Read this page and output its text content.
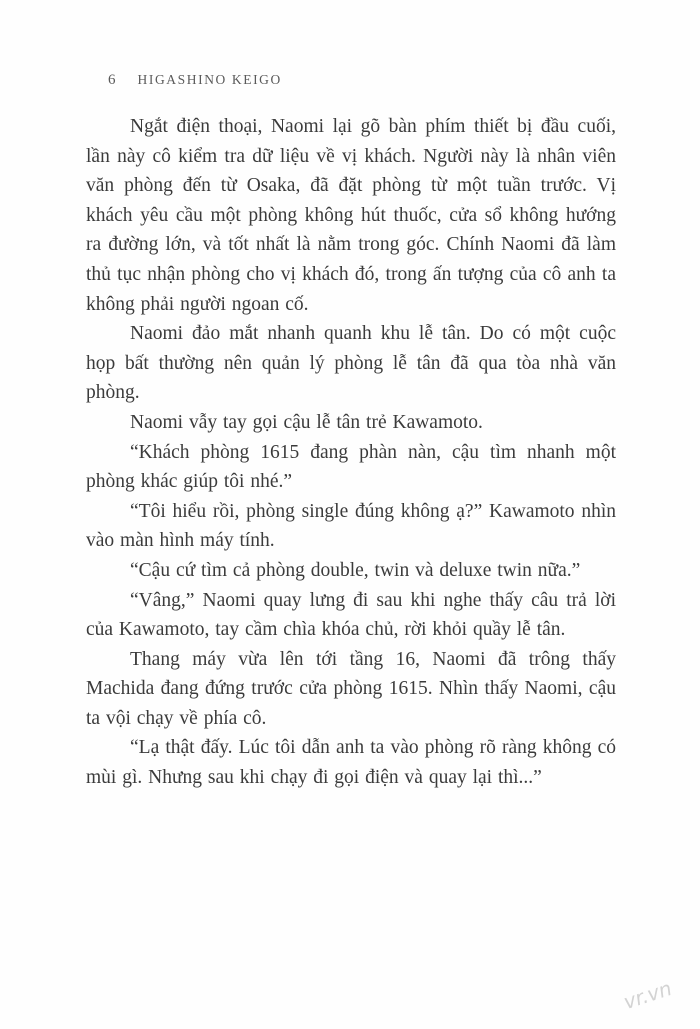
6 HIGASHINO KEIGO

Ngắt điện thoại, Naomi lại gõ bàn phím thiết bị đầu cuối, lần này cô kiểm tra dữ liệu về vị khách. Người này là nhân viên văn phòng đến từ Osaka, đã đặt phòng từ một tuần trước. Vị khách yêu cầu một phòng không hút thuốc, cửa sổ không hướng ra đường lớn, và tốt nhất là nằm trong góc. Chính Naomi đã làm thủ tục nhận phòng cho vị khách đó, trong ấn tượng của cô anh ta không phải người ngoan cố.

Naomi đảo mắt nhanh quanh khu lễ tân. Do có một cuộc họp bất thường nên quản lý phòng lễ tân đã qua tòa nhà văn phòng.

Naomi vẫy tay gọi cậu lễ tân trẻ Kawamoto.

“Khách phòng 1615 đang phàn nàn, cậu tìm nhanh một phòng khác giúp tôi nhé.”

“Tôi hiểu rồi, phòng single đúng không ạ?” Kawamoto nhìn vào màn hình máy tính.

“Cậu cứ tìm cả phòng double, twin và deluxe twin nữa.”

“Vâng,” Naomi quay lưng đi sau khi nghe thấy câu trả lời của Kawamoto, tay cầm chìa khóa chủ, rời khỏi quầy lễ tân.

Thang máy vừa lên tới tầng 16, Naomi đã trông thấy Machida đang đứng trước cửa phòng 1615. Nhìn thấy Naomi, cậu ta vội chạy về phía cô.

“Lạ thật đấy. Lúc tôi dẫn anh ta vào phòng rõ ràng không có mùi gì. Nhưng sau khi chạy đi gọi điện và quay lại thì...”

vr.vn
